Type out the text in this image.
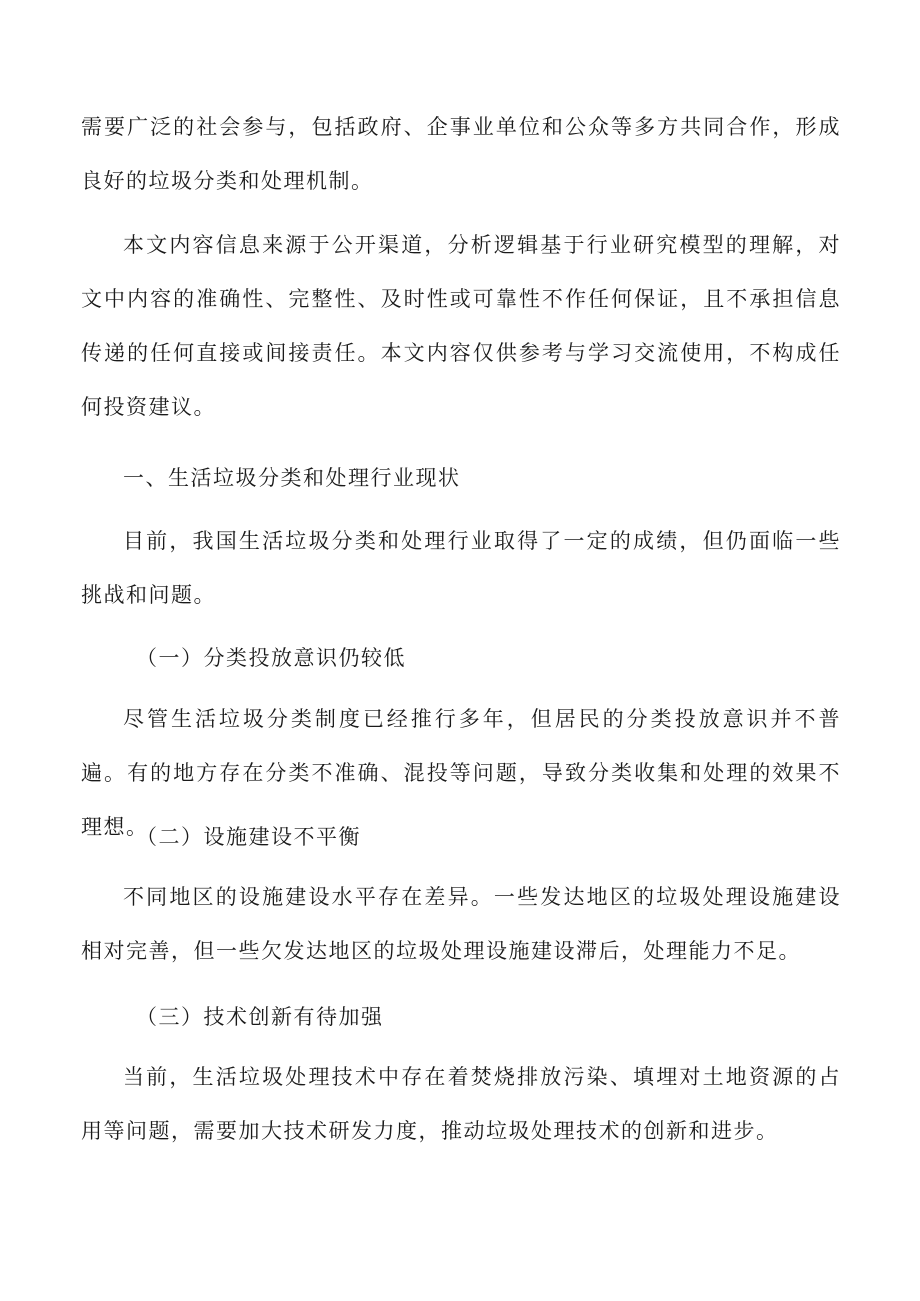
需要广泛的社会参与，包括政府、企事业单位和公众等多方共同合作，形成良好的垃圾分类和处理机制。

本文内容信息来源于公开渠道，分析逻辑基于行业研究模型的理解，对文中内容的准确性、完整性、及时性或可靠性不作任何保证，且不承担信息传递的任何直接或间接责任。本文内容仅供参考与学习交流使用，不构成任何投资建议。

一、生活垃圾分类和处理行业现状

目前，我国生活垃圾分类和处理行业取得了一定的成绩，但仍面临一些挑战和问题。

（一）分类投放意识仍较低

尽管生活垃圾分类制度已经推行多年，但居民的分类投放意识并不普遍。有的地方存在分类不准确、混投等问题，导致分类收集和处理的效果不理想。

（二）设施建设不平衡

不同地区的设施建设水平存在差异。一些发达地区的垃圾处理设施建设相对完善，但一些欠发达地区的垃圾处理设施建设滞后，处理能力不足。

（三）技术创新有待加强

当前，生活垃圾处理技术中存在着焚烧排放污染、填埋对土地资源的占用等问题，需要加大技术研发力度，推动垃圾处理技术的创新和进步。
